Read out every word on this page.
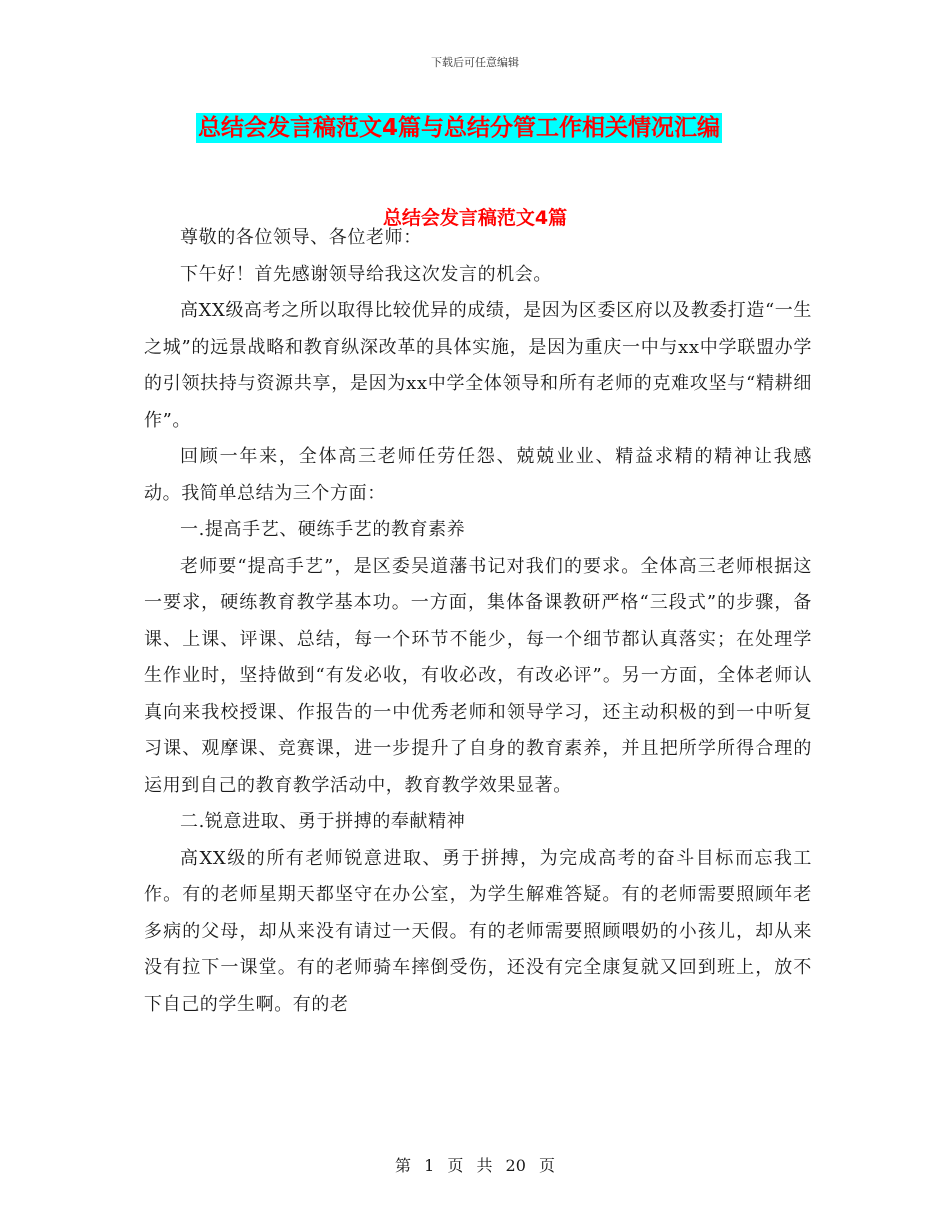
下载后可任意编辑
总结会发言稿范文4篇与总结分管工作相关情况汇编
总结会发言稿范文4篇

尊敬的各位领导、各位老师：

下午好！首先感谢领导给我这次发言的机会。

高XX级高考之所以取得比较优异的成绩，是因为区委区府以及教委打造“一生之城”的远景战略和教育纵深改革的具体实施，是因为重庆一中与xx中学联盟办学的引领扶持与资源共享，是因为xx中学全体领导和所有老师的克难攻坚与“精耕细作”。

回顾一年来，全体高三老师任劳任怨、兢兢业业、精益求精的精神让我感动。我简单总结为三个方面：

一.提高手艺、硬练手艺的教育素养

老师要“提高手艺”，是区委吴道藩书记对我们的要求。全体高三老师根据这一要求，硬练教育教学基本功。一方面，集体备课教研严格“三段式”的步骤，备课、上课、评课、总结，每一个环节不能少，每一个细节都认真落实；在处理学生作业时，坚持做到“有发必收，有收必改，有改必评”。另一方面，全体老师认真向来我校授课、作报告的一中优秀老师和领导学习，还主动积极的到一中听复习课、观摩课、竞赛课，进一步提升了自身的教育素养，并且把所学所得合理的运用到自己的教育教学活动中，教育教学效果显著。

二.锐意进取、勇于拼搏的奉献精神

高XX级的所有老师锐意进取、勇于拼搏，为完成高考的奋斗目标而忘我工作。有的老师星期天都坚守在办公室，为学生解难答疑。有的老师需要照顾年老多病的父母，却从来没有请过一天假。有的老师需要照顾喂奶的小孩儿，却从来没有拉下一课堂。有的老师骑车摔倒受伤，还没有完全康复就又回到班上，放不下自己的学生啊。有的老

第 1 页 共 20 页
